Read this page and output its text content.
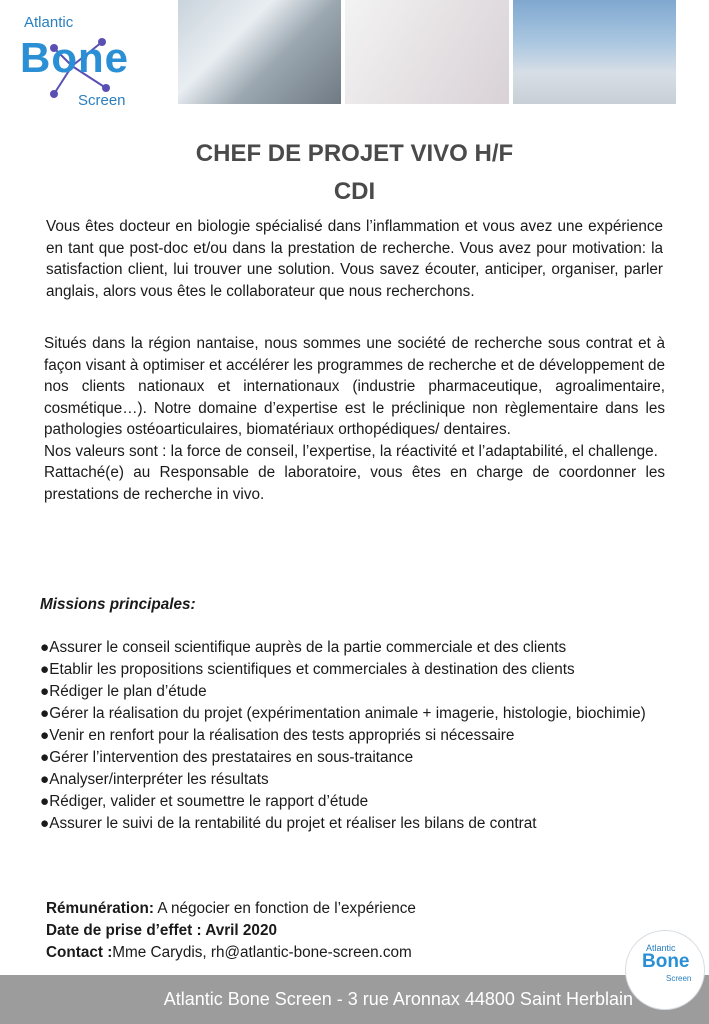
Atlantic
Bone
Screen
CHEF DE PROJET VIVO H/F
CDI

Vous êtes docteur en biologie spécialisé dans l’inflammation et vous avez une expérience en tant que post-doc et/ou dans la prestation de recherche. Vous avez pour motivation: la satisfaction client, lui trouver une solution. Vous savez écouter, anticiper, organiser, parler anglais, alors vous êtes le collaborateur que nous recherchons.

Situés dans la région nantaise, nous sommes une société de recherche sous contrat et à façon visant à optimiser et accélérer les programmes de recherche et de développement de nos clients nationaux et internationaux (industrie pharmaceutique, agroalimentaire, cosmétique…). Notre domaine d’expertise est le préclinique non règlementaire dans les pathologies ostéoarticulaires, biomatériaux orthopédiques/ dentaires.
Nos valeurs sont : la force de conseil, l’expertise, la réactivité et l’adaptabilité, el challenge.
Rattaché(e) au Responsable de laboratoire, vous êtes en charge de coordonner les prestations de recherche in vivo.
Missions principales:
● Assurer le conseil scientifique auprès de la partie commerciale et des clients
● Etablir les propositions scientifiques et commerciales à destination des clients
● Rédiger le plan d’étude
● Gérer la réalisation du projet (expérimentation animale + imagerie, histologie, biochimie)
● Venir en renfort pour la réalisation des tests appropriés si nécessaire
● Gérer l’intervention des prestataires en sous-traitance
● Analyser/interpréter les résultats
● Rédiger, valider et soumettre le rapport d’étude
● Assurer le suivi de la rentabilité du projet et réaliser les bilans de contrat
Rémunération: A négocier en fonction de l’expérience
Date de prise d’effet : Avril 2020
Contact :Mme Carydis, rh@atlantic-bone-screen.com
Atlantic Bone Screen - 3 rue Aronnax 44800 Saint Herblain
Atlantic
Bone
Screen
